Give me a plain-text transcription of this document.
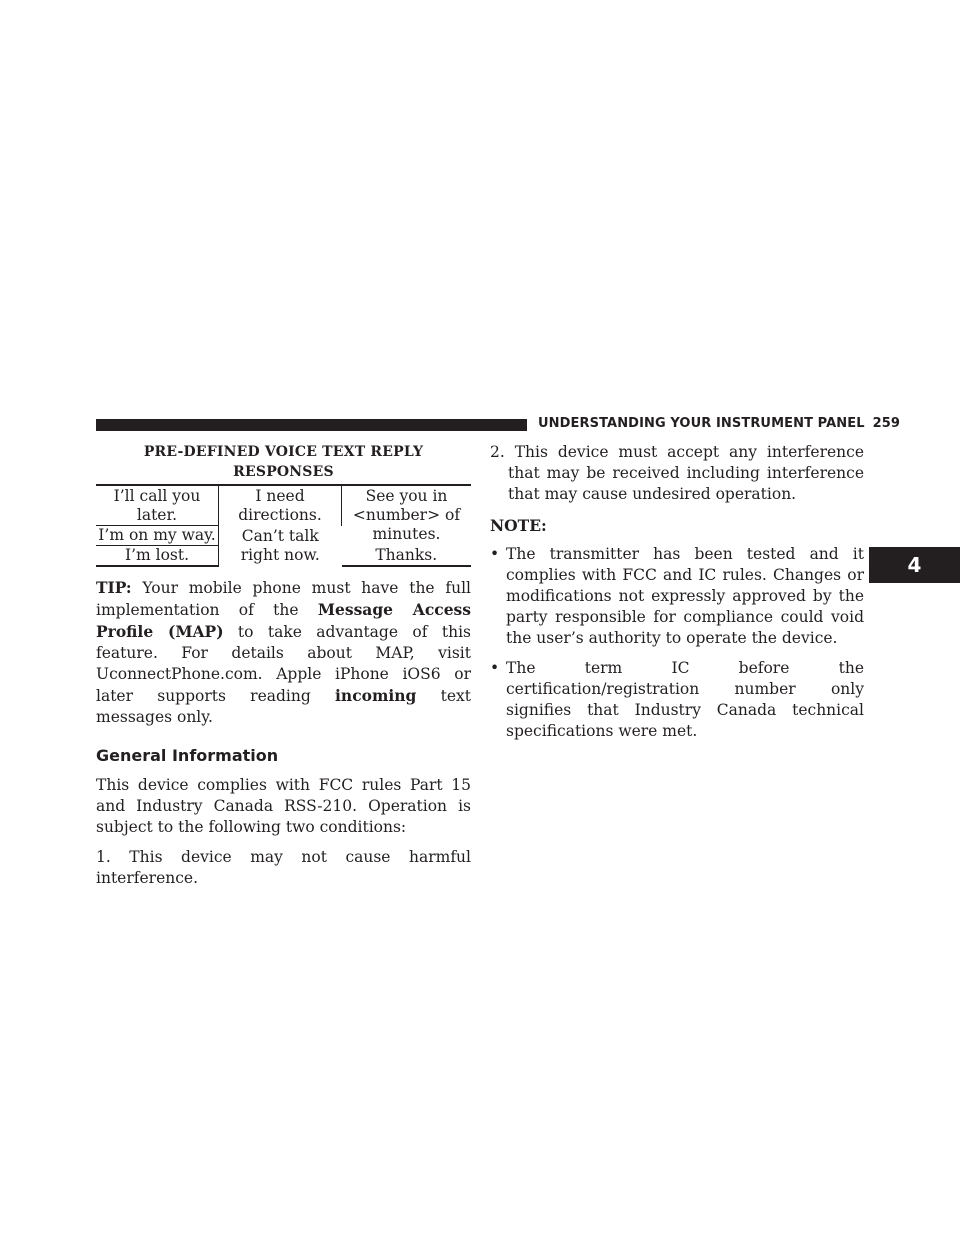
UNDERSTANDING YOUR INSTRUMENT PANEL 259
4
PRE-DEFINED VOICE TEXT REPLY RESPONSES
I’ll call you later.	I need directions.	See you in <number> of minutes.
I’m on my way.	Can’t talk right now.	
I’m lost.		Thanks.

TIP: Your mobile phone must have the full implementation of the Message Access Profile (MAP) to take advantage of this feature. For details about MAP, visit UconnectPhone.com. Apple iPhone iOS6 or later supports reading incoming text messages only.

General Information

This device complies with FCC rules Part 15 and Industry Canada RSS-210. Operation is subject to the following two conditions:

1. This device may not cause harmful interference.

2. This device must accept any interference that may be received including interference that may cause undesired operation.

NOTE:
• The transmitter has been tested and it complies with FCC and IC rules. Changes or modifications not expressly approved by the party responsible for compliance could void the user’s authority to operate the device.
• The term IC before the certification/registration number only signifies that Industry Canada technical specifications were met.
